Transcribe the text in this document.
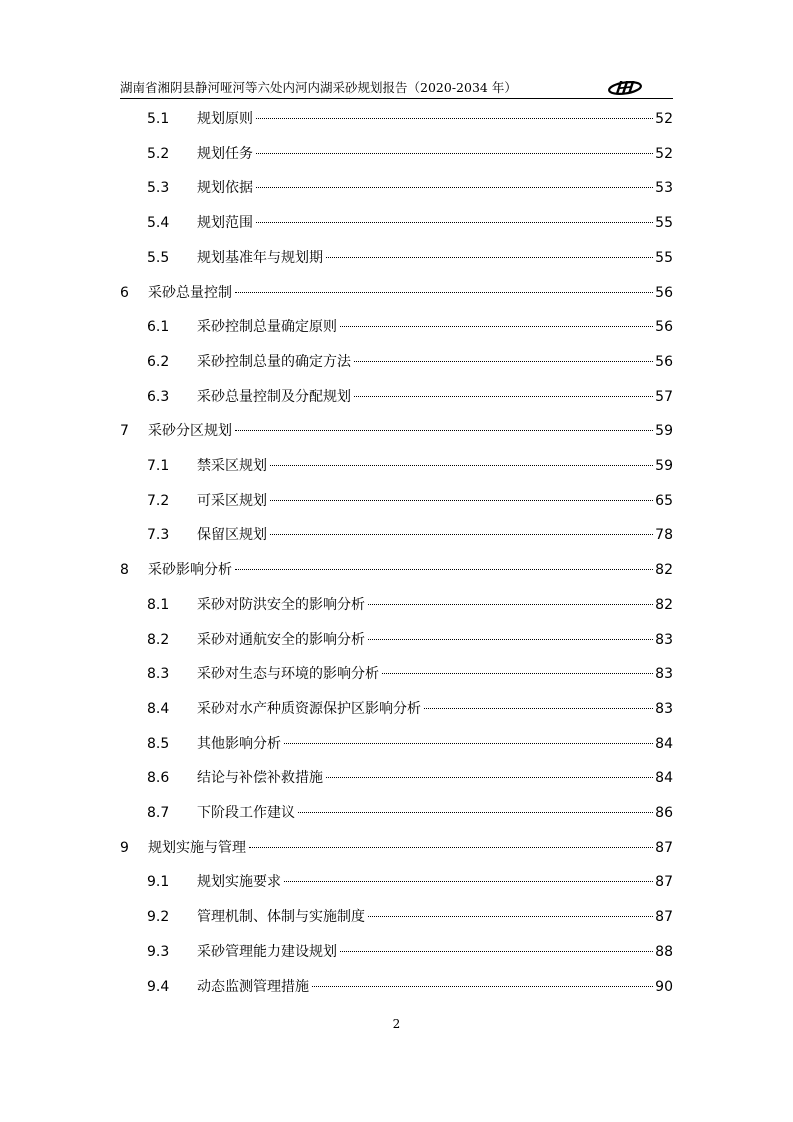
湖南省湘阴县静河哑河等六处内河内湖采砂规划报告（2020-2034 年）
5.1 规划原则	52
5.2 规划任务	52
5.3 规划依据	53
5.4 规划范围	55
5.5 规划基准年与规划期	55
6 采砂总量控制	56
6.1 采砂控制总量确定原则	56
6.2 采砂控制总量的确定方法	56
6.3 采砂总量控制及分配规划	57
7 采砂分区规划	59
7.1 禁采区规划	59
7.2 可采区规划	65
7.3 保留区规划	78
8 采砂影响分析	82
8.1 采砂对防洪安全的影响分析	82
8.2 采砂对通航安全的影响分析	83
8.3 采砂对生态与环境的影响分析	83
8.4 采砂对水产种质资源保护区影响分析	83
8.5 其他影响分析	84
8.6 结论与补偿补救措施	84
8.7 下阶段工作建议	86
9 规划实施与管理	87
9.1 规划实施要求	87
9.2 管理机制、体制与实施制度	87
9.3 采砂管理能力建设规划	88
9.4 动态监测管理措施	90
2
